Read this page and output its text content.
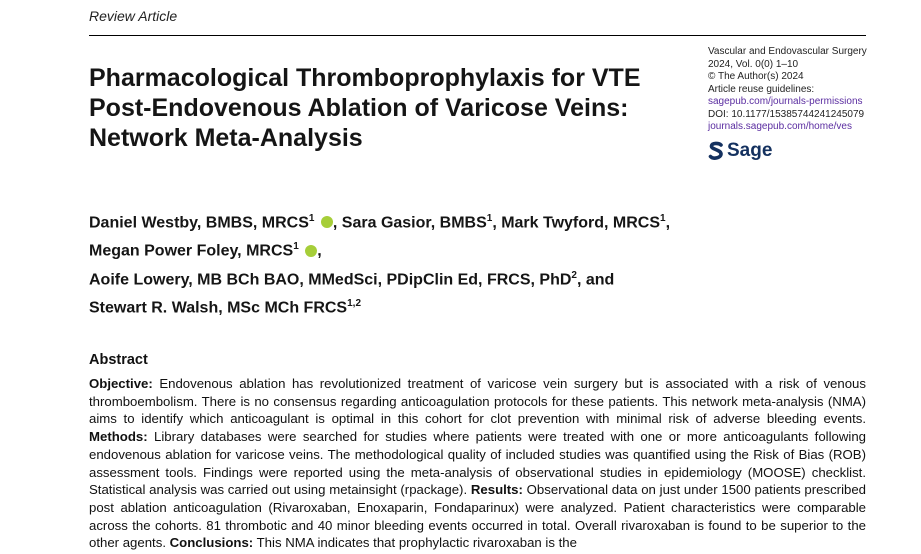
Review Article
Pharmacological Thromboprophylaxis for VTE Post-Endovenous Ablation of Varicose Veins: Network Meta-Analysis
Vascular and Endovascular Surgery
2024, Vol. 0(0) 1–10
© The Author(s) 2024
Article reuse guidelines:
sagepub.com/journals-permissions
DOI: 10.1177/15385744241245079
journals.sagepub.com/home/ves
Sage
Daniel Westby, BMBS, MRCS$^1$ , Sara Gasior, BMBS$^1$, Mark Twyford, MRCS$^1$,
Megan Power Foley, MRCS$^1$ ,
Aoife Lowery, MB BCh BAO, MMedSci, PDipClin Ed, FRCS, PhD$^2$, and
Stewart R. Walsh, MSc MCh FRCS$^{1,2}$
Abstract
Objective: Endovenous ablation has revolutionized treatment of varicose vein surgery but is associated with a risk of venous thromboembolism. There is no consensus regarding anticoagulation protocols for these patients. This network meta-analysis (NMA) aims to identify which anticoagulant is optimal in this cohort for clot prevention with minimal risk of adverse bleeding events. Methods: Library databases were searched for studies where patients were treated with one or more anticoagulants following endovenous ablation for varicose veins. The methodological quality of included studies was quantified using the Risk of Bias (ROB) assessment tools. Findings were reported using the meta-analysis of observational studies in epidemiology (MOOSE) checklist. Statistical analysis was carried out using metainsight (rpackage). Results: Observational data on just under 1500 patients prescribed post ablation anticoagulation (Rivaroxaban, Enoxaparin, Fondaparinux) were analyzed. Patient characteristics were comparable across the cohorts. 81 thrombotic and 40 minor bleeding events occurred in total. Overall rivaroxaban is found to be superior to the other agents. Conclusions: This NMA indicates that prophylactic rivaroxaban is the
